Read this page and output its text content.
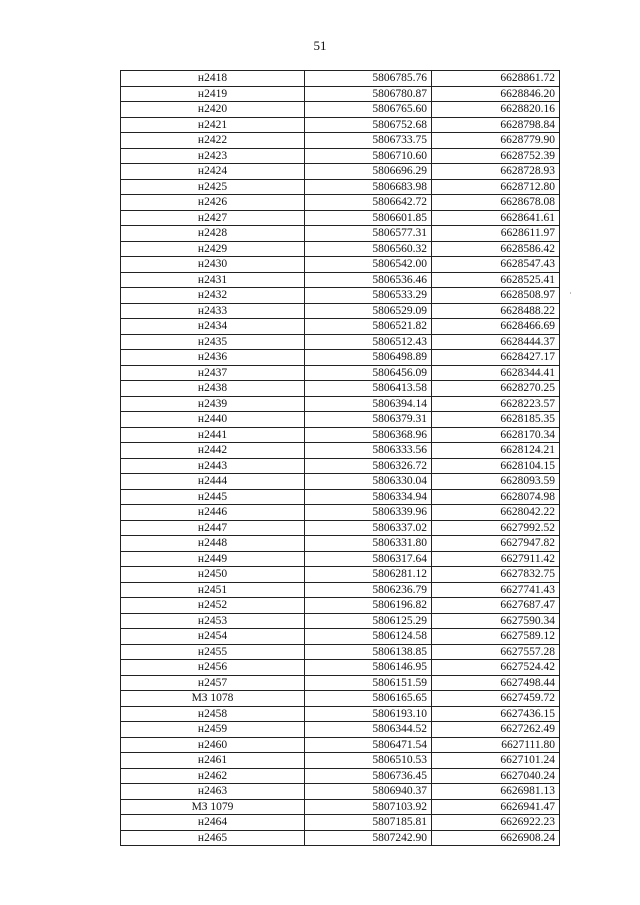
51
н2418	5806785.76	6628861.72
н2419	5806780.87	6628846.20
н2420	5806765.60	6628820.16
н2421	5806752.68	6628798.84
н2422	5806733.75	6628779.90
н2423	5806710.60	6628752.39
н2424	5806696.29	6628728.93
н2425	5806683.98	6628712.80
н2426	5806642.72	6628678.08
н2427	5806601.85	6628641.61
н2428	5806577.31	6628611.97
н2429	5806560.32	6628586.42
н2430	5806542.00	6628547.43
н2431	5806536.46	6628525.41
н2432	5806533.29	6628508.97
н2433	5806529.09	6628488.22
н2434	5806521.82	6628466.69
н2435	5806512.43	6628444.37
н2436	5806498.89	6628427.17
н2437	5806456.09	6628344.41
н2438	5806413.58	6628270.25
н2439	5806394.14	6628223.57
н2440	5806379.31	6628185.35
н2441	5806368.96	6628170.34
н2442	5806333.56	6628124.21
н2443	5806326.72	6628104.15
н2444	5806330.04	6628093.59
н2445	5806334.94	6628074.98
н2446	5806339.96	6628042.22
н2447	5806337.02	6627992.52
н2448	5806331.80	6627947.82
н2449	5806317.64	6627911.42
н2450	5806281.12	6627832.75
н2451	5806236.79	6627741.43
н2452	5806196.82	6627687.47
н2453	5806125.29	6627590.34
н2454	5806124.58	6627589.12
н2455	5806138.85	6627557.28
н2456	5806146.95	6627524.42
н2457	5806151.59	6627498.44
МЗ 1078	5806165.65	6627459.72
н2458	5806193.10	6627436.15
н2459	5806344.52	6627262.49
н2460	5806471.54	6627111.80
н2461	5806510.53	6627101.24
н2462	5806736.45	6627040.24
н2463	5806940.37	6626981.13
МЗ 1079	5807103.92	6626941.47
н2464	5807185.81	6626922.23
н2465	5807242.90	6626908.24
